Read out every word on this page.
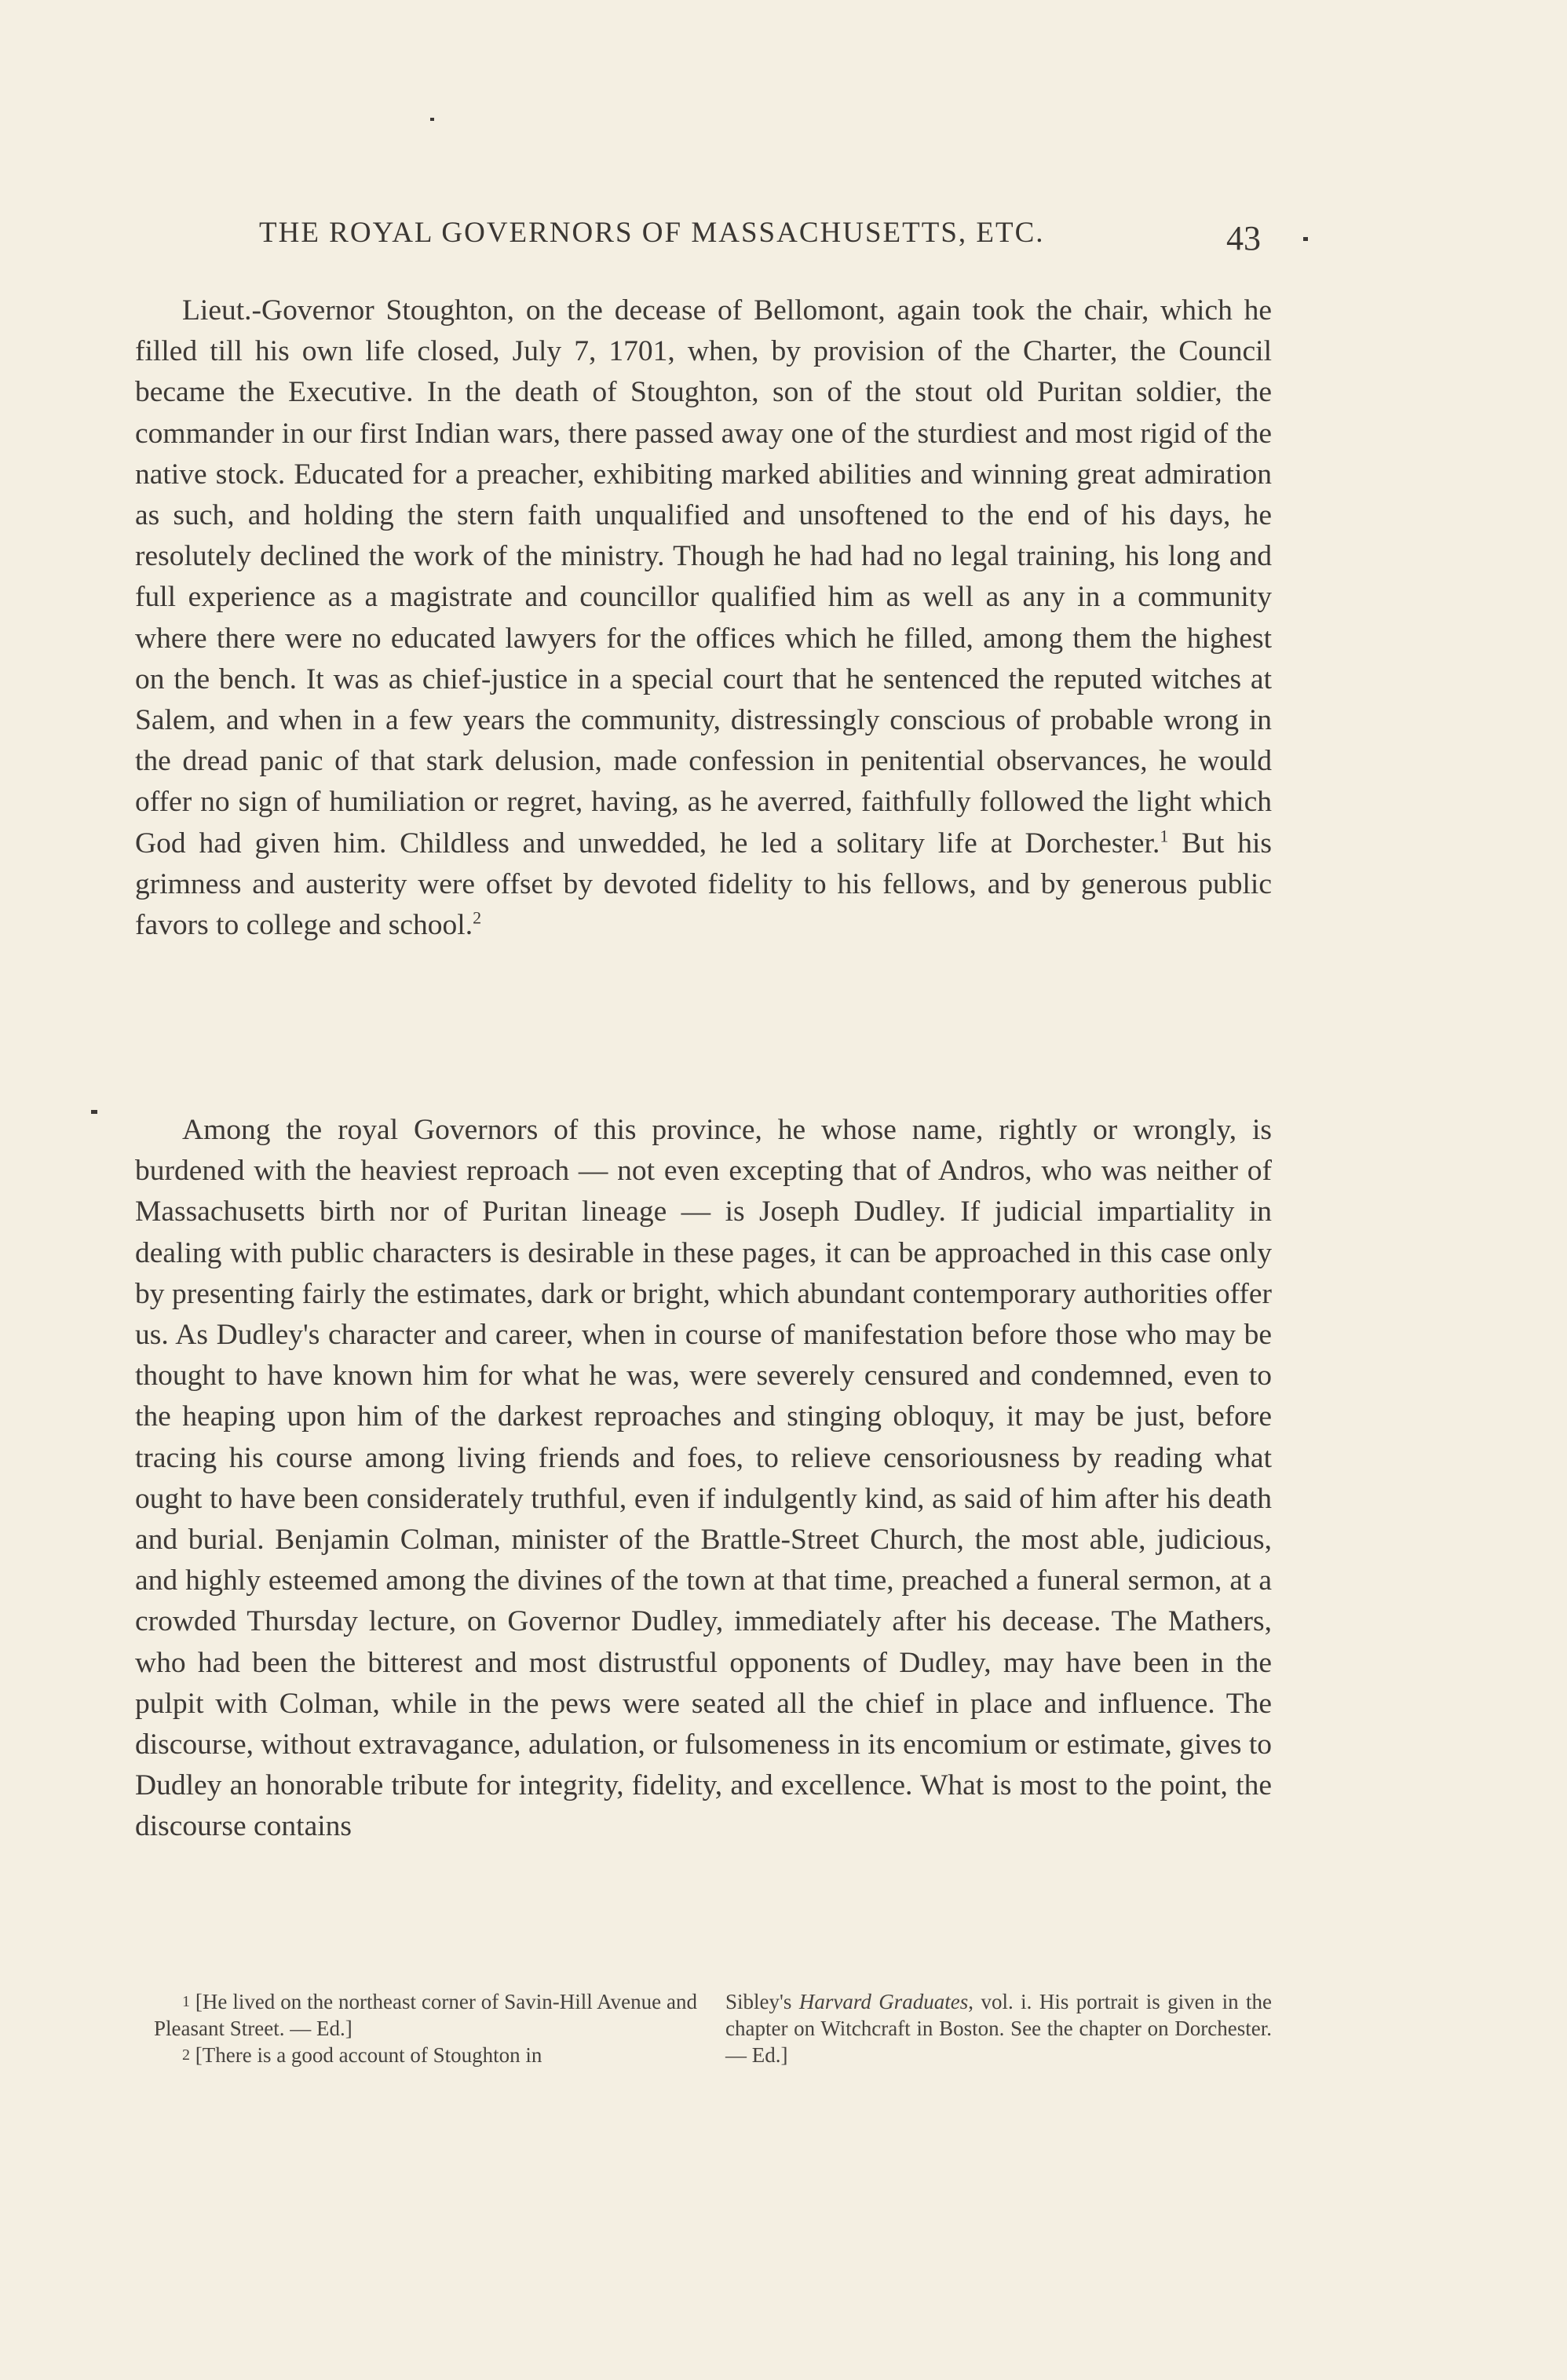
THE ROYAL GOVERNORS OF MASSACHUSETTS, ETC.	43

Lieut.-Governor Stoughton, on the decease of Bellomont, again took the chair, which he filled till his own life closed, July 7, 1701, when, by provision of the Charter, the Council became the Executive. In the death of Stoughton, son of the stout old Puritan soldier, the commander in our first Indian wars, there passed away one of the sturdiest and most rigid of the native stock. Educated for a preacher, exhibiting marked abilities and winning great admiration as such, and holding the stern faith unqualified and unsoftened to the end of his days, he resolutely declined the work of the ministry. Though he had had no legal training, his long and full experience as a magistrate and councillor qualified him as well as any in a community where there were no educated lawyers for the offices which he filled, among them the highest on the bench. It was as chief-justice in a special court that he sentenced the reputed witches at Salem, and when in a few years the community, distressingly conscious of probable wrong in the dread panic of that stark delusion, made confession in penitential observances, he would offer no sign of humiliation or regret, having, as he averred, faithfully followed the light which God had given him. Childless and unwedded, he led a solitary life at Dorchester.$^1$ But his grimness and austerity were offset by devoted fidelity to his fellows, and by generous public favors to college and school.$^2$

Among the royal Governors of this province, he whose name, rightly or wrongly, is burdened with the heaviest reproach — not even excepting that of Andros, who was neither of Massachusetts birth nor of Puritan lineage — is Joseph Dudley. If judicial impartiality in dealing with public characters is desirable in these pages, it can be approached in this case only by presenting fairly the estimates, dark or bright, which abundant contemporary authorities offer us. As Dudley's character and career, when in course of manifestation before those who may be thought to have known him for what he was, were severely censured and condemned, even to the heaping upon him of the darkest reproaches and stinging obloquy, it may be just, before tracing his course among living friends and foes, to relieve censoriousness by reading what ought to have been considerately truthful, even if indulgently kind, as said of him after his death and burial. Benjamin Colman, minister of the Brattle-Street Church, the most able, judicious, and highly esteemed among the divines of the town at that time, preached a funeral sermon, at a crowded Thursday lecture, on Governor Dudley, immediately after his decease. The Mathers, who had been the bitterest and most distrustful opponents of Dudley, may have been in the pulpit with Colman, while in the pews were seated all the chief in place and influence. The discourse, without extravagance, adulation, or fulsomeness in its encomium or estimate, gives to Dudley an honorable tribute for integrity, fidelity, and excellence. What is most to the point, the discourse contains

$^1$ [He lived on the northeast corner of Savin-Hill Avenue and Pleasant Street. — Ed.]

$^2$ [There is a good account of Stoughton in

Sibley's Harvard Graduates, vol. i. His portrait is given in the chapter on Witchcraft in Boston. See the chapter on Dorchester. — Ed.]
